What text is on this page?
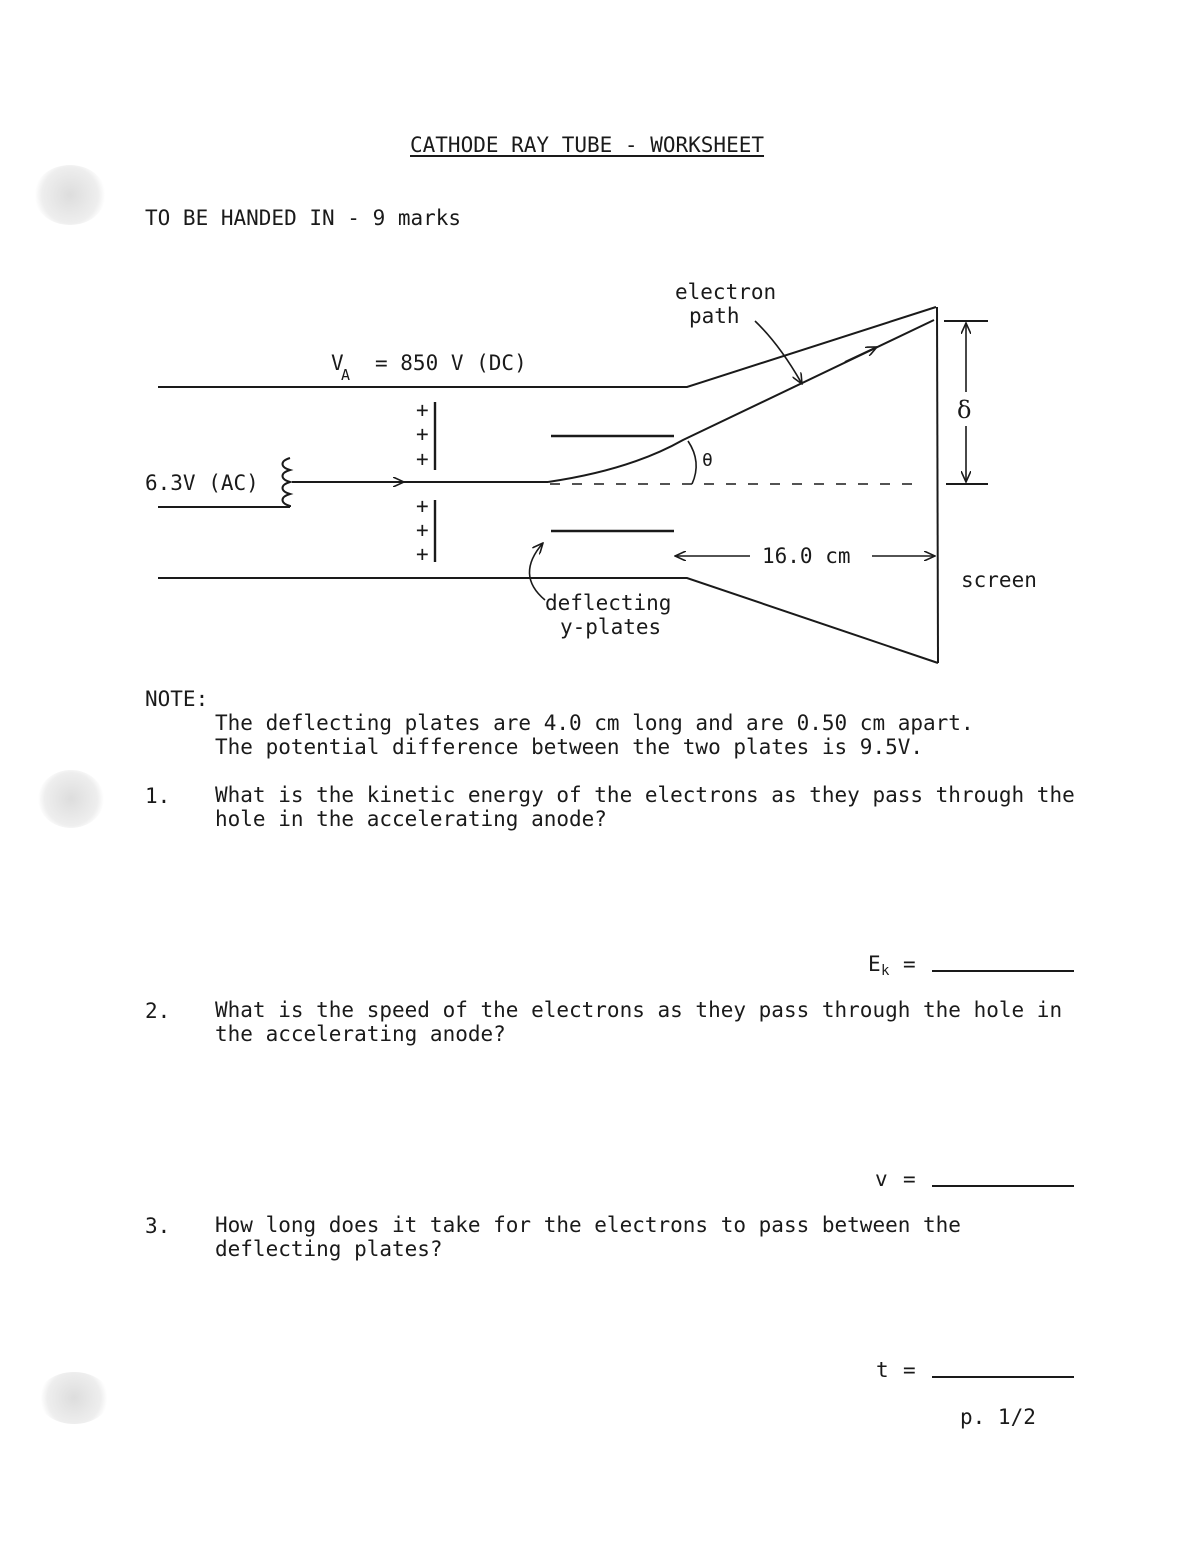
CATHODE RAY TUBE - WORKSHEET
TO BE HANDED IN - 9 marks
electron
path
V
A = 850 V (DC)
6.3V (AC)
+
+
+
+
+
+
θ
δ
16.0 cm
screen
deflecting
y-plates
NOTE:
The deflecting plates are 4.0 cm long and are 0.50 cm apart.
The potential difference between the two plates is 9.5V.
1. What is the kinetic energy of the electrons as they pass through the hole in the accelerating anode?
E k =
2. What is the speed of the electrons as they pass through the hole in the accelerating anode?
v =
3. How long does it take for the electrons to pass between the deflecting plates?
t =
p. 1/2
